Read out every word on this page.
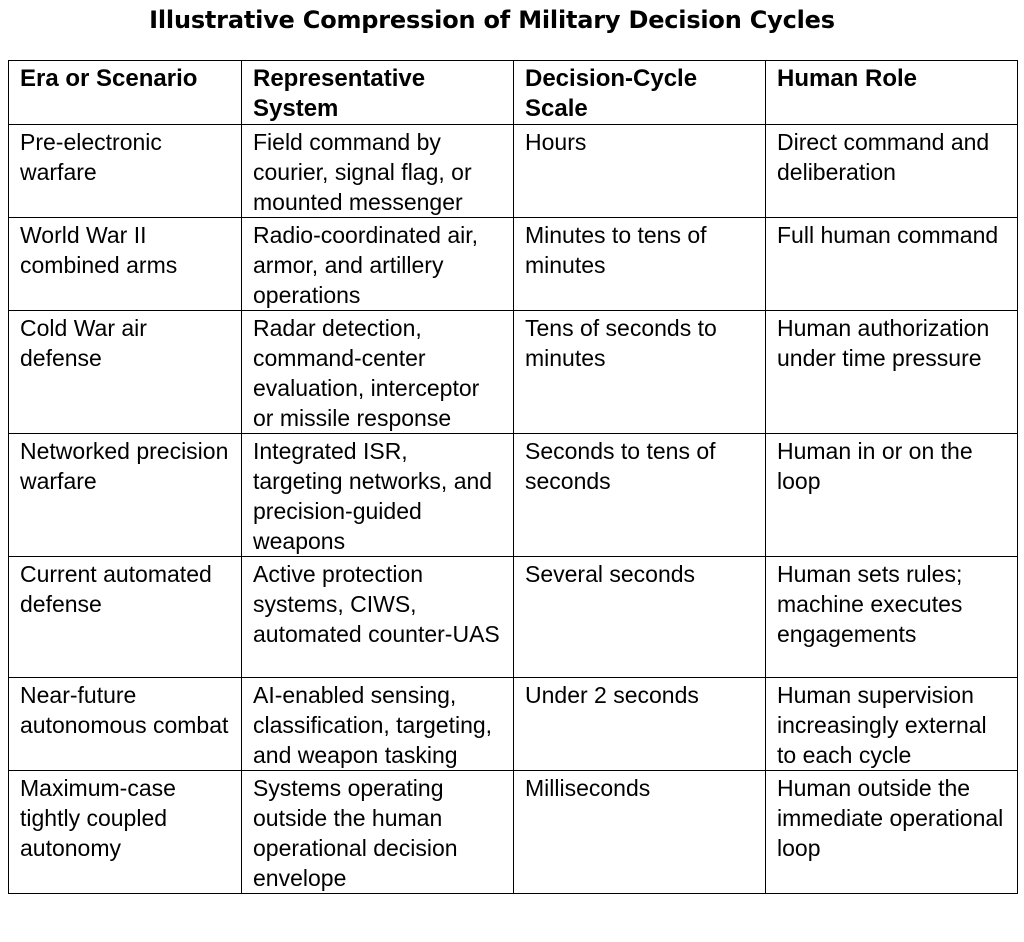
Illustrative Compression of Military Decision Cycles
Era or Scenario	Representative System	Decision-Cycle Scale	Human Role
Pre-electronic warfare	Field command by courier, signal flag, or mounted messenger	Hours	Direct command and deliberation
World War II combined arms	Radio-coordinated air, armor, and artillery operations	Minutes to tens of minutes	Full human command
Cold War air defense	Radar detection, command-center evaluation, interceptor or missile response	Tens of seconds to minutes	Human authorization under time pressure
Networked precision warfare	Integrated ISR, targeting networks, and precision-guided weapons	Seconds to tens of seconds	Human in or on the loop
Current automated defense	Active protection systems, CIWS, automated counter-UAS	Several seconds	Human sets rules; machine executes engagements
Near-future autonomous combat	AI-enabled sensing, classification, targeting, and weapon tasking	Under 2 seconds	Human supervision increasingly external to each cycle
Maximum-case tightly coupled autonomy	Systems operating outside the human operational decision envelope	Milliseconds	Human outside the immediate operational loop
